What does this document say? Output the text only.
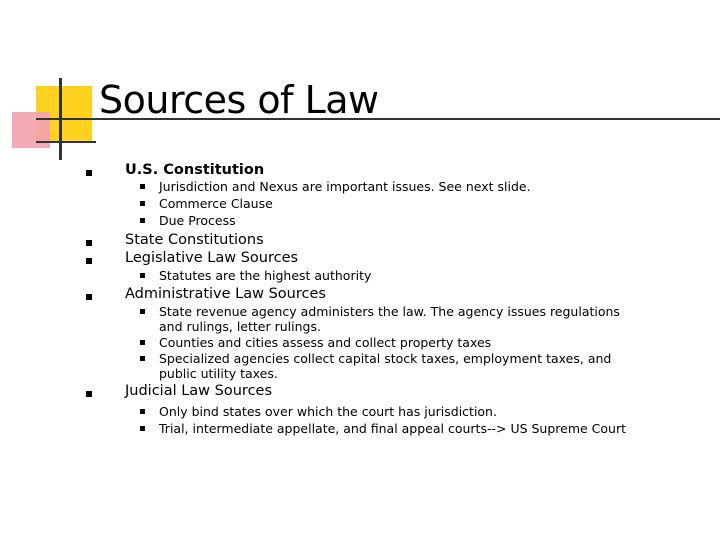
Sources of Law
U.S. Constitution
Jurisdiction and Nexus are important issues. See next slide.
Commerce Clause
Due Process
State Constitutions
Legislative Law Sources
Statutes are the highest authority
Administrative Law Sources
State revenue agency administers the law. The agency issues regulations
and rulings, letter rulings.
Counties and cities assess and collect property taxes
Specialized agencies collect capital stock taxes, employment taxes, and
public utility taxes.
Judicial Law Sources
Only bind states over which the court has jurisdiction.
Trial, intermediate appellate, and final appeal courts--> US Supreme Court
